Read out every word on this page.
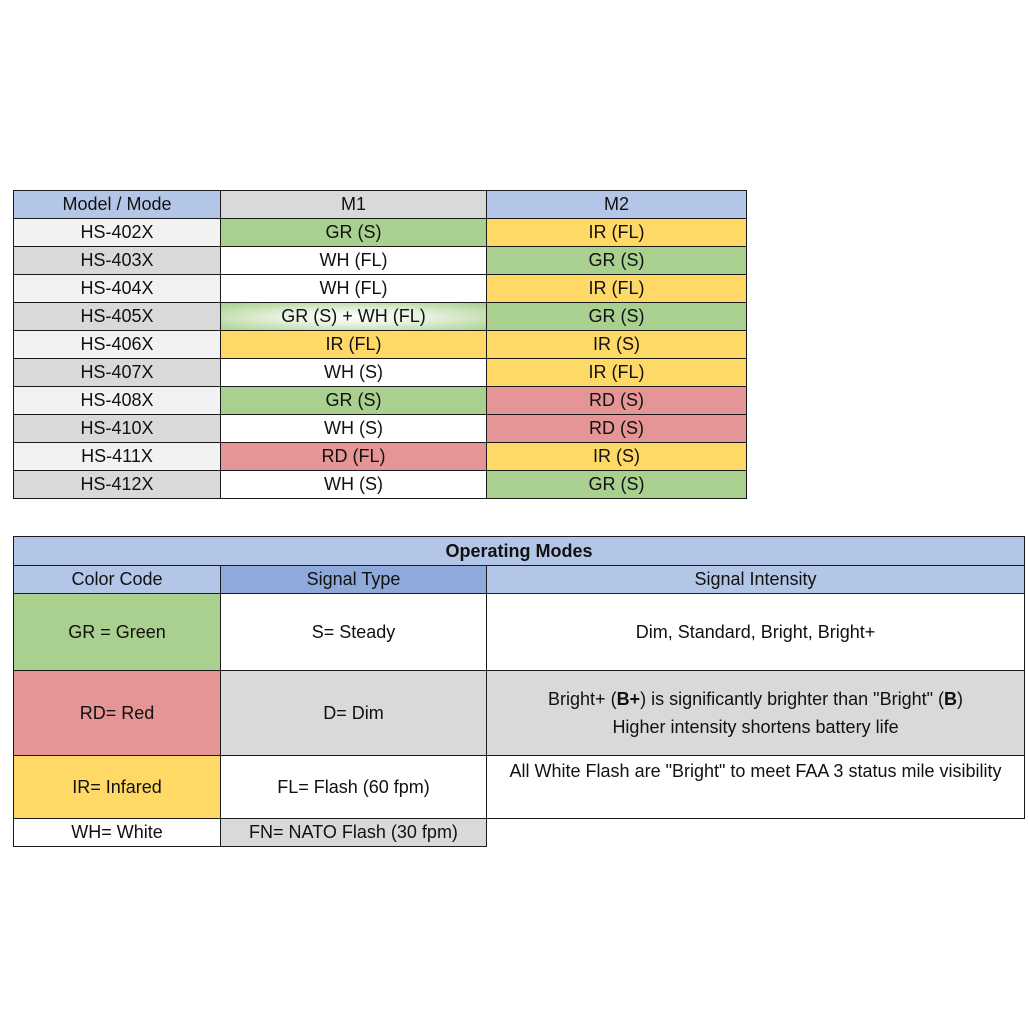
Model / Mode	M1	M2
HS-402X	GR (S)	IR (FL)
HS-403X	WH (FL)	GR (S)
HS-404X	WH (FL)	IR (FL)
HS-405X	GR (S) + WH (FL)	GR (S)
HS-406X	IR (FL)	IR (S)
HS-407X	WH (S)	IR (FL)
HS-408X	GR (S)	RD (S)
HS-410X	WH (S)	RD (S)
HS-411X	RD (FL)	IR (S)
HS-412X	WH (S)	GR (S)
Operating Modes		
Color Code	Signal Type	Signal Intensity
GR = Green	S= Steady	Dim, Standard, Bright, Bright+
RD= Red	D= Dim	Bright+ (B+) is significantly brighter than "Bright" (B)
Higher intensity shortens battery life

IR= Infared	FL= Flash (60 fpm)	All White Flash are "Bright" to meet FAA 3 status mile visibility
WH= White	FN= NATO Flash (30 fpm)	
